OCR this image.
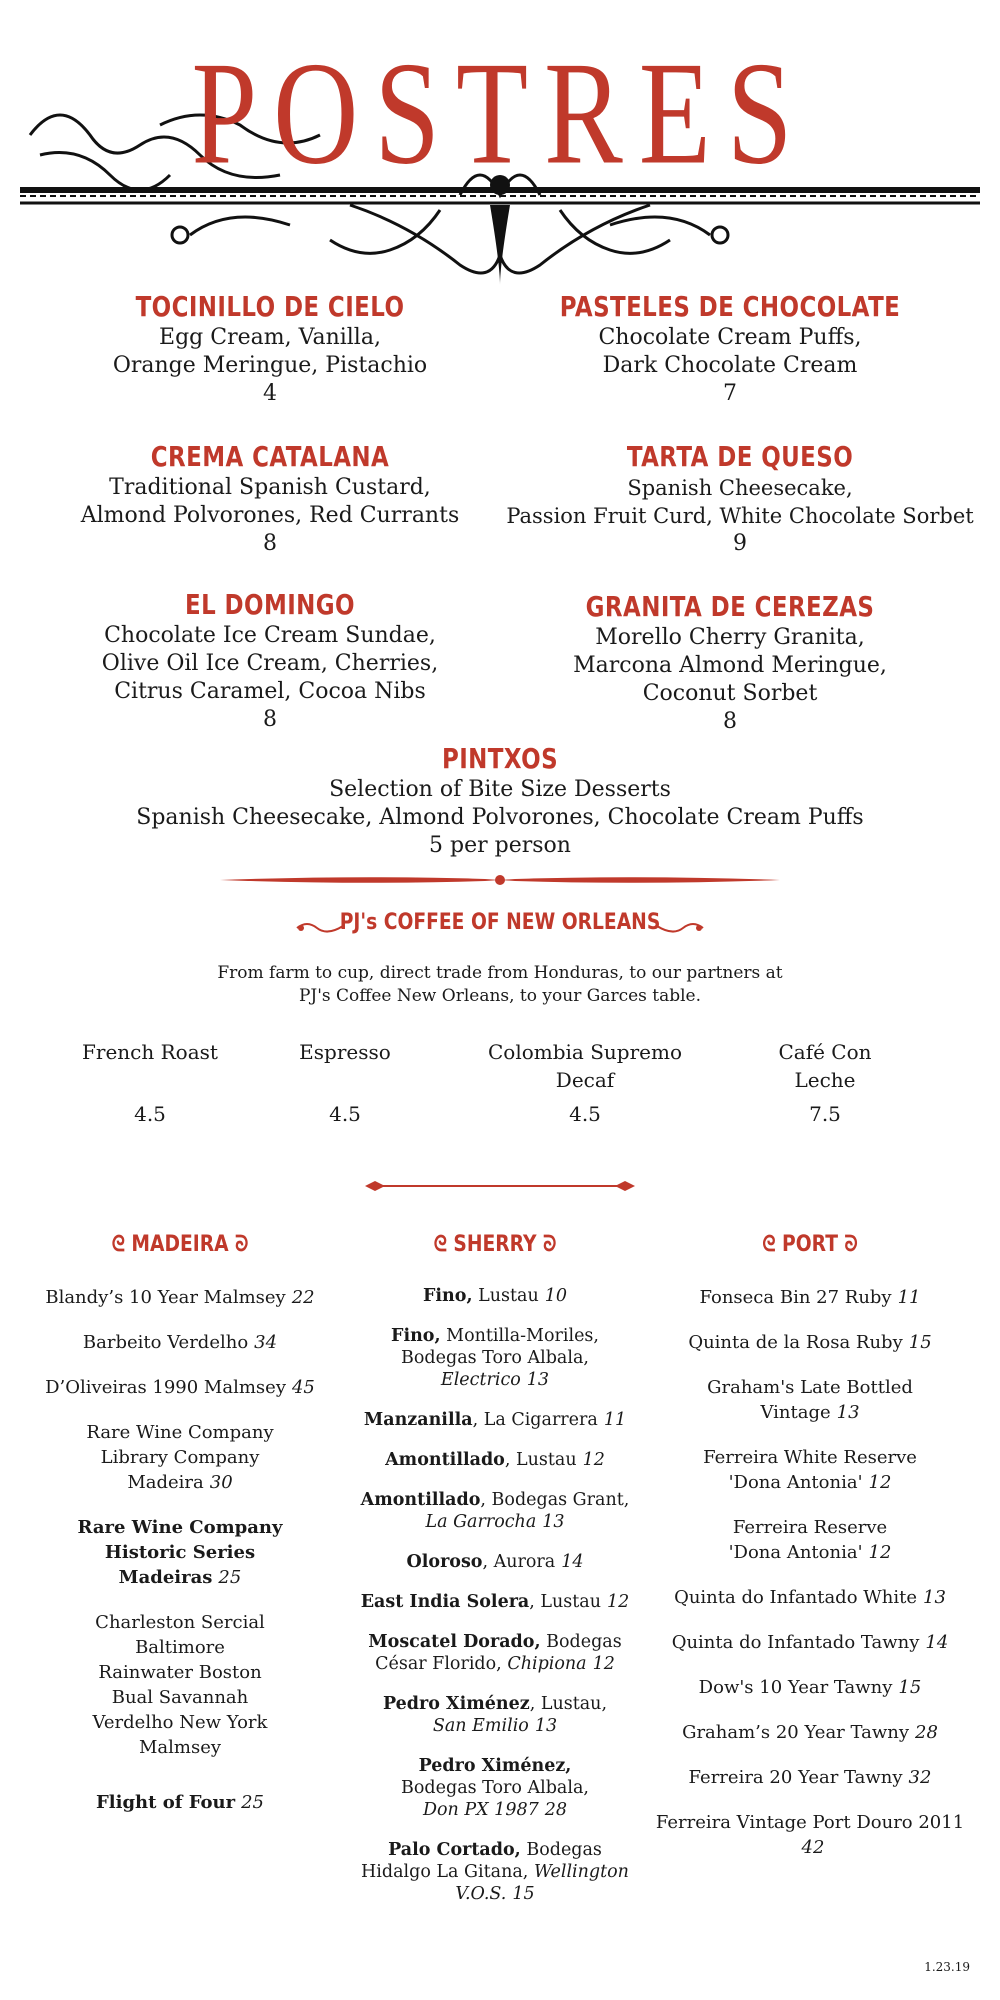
POSTRES
TOCINILLO DE CIELO
Egg Cream, Vanilla,
Orange Meringue, Pistachio
4
PASTELES DE CHOCOLATE
Chocolate Cream Puffs,
Dark Chocolate Cream
7
CREMA CATALANA
Traditional Spanish Custard,
Almond Polvorones, Red Currants
8
TARTA DE QUESO
Spanish Cheesecake,
Passion Fruit Curd, White Chocolate Sorbet
9
EL DOMINGO
Chocolate Ice Cream Sundae,
Olive Oil Ice Cream, Cherries,
Citrus Caramel, Cocoa Nibs
8
GRANITA DE CEREZAS
Morello Cherry Granita,
Marcona Almond Meringue,
Coconut Sorbet
8
PINTXOS
Selection of Bite Size Desserts
Spanish Cheesecake, Almond Polvorones, Chocolate Cream Puffs
5 per person
PJ's COFFEE OF NEW ORLEANS
From farm to cup, direct trade from Honduras, to our partners at
PJ's Coffee New Orleans, to your Garces table.
French Roast
4.5
Espresso
4.5
Colombia Supremo Decaf
4.5
Café Con Leche
7.5
ᘓ MADEIRA ᘐ	ᘓ SHERRY ᘐ	ᘓ PORT ᘐ
Blandy’s 10 Year Malmsey 22
Barbeito Verdelho 34
D’Oliveiras 1990 Malmsey 45
Rare Wine Company Library Company Madeira 30
Rare Wine Company Historic Series Madeiras 25
Charleston Sercial Baltimore Rainwater Boston Bual Savannah Verdelho New York Malmsey
Flight of Four 25
Fino, Lustau 10
Fino, Montilla-Moriles, Bodegas Toro Albala, Electrico 13
Manzanilla, La Cigarrera 11
Amontillado, Lustau 12
Amontillado, Bodegas Grant, La Garrocha 13
Oloroso, Aurora 14
East India Solera, Lustau 12
Moscatel Dorado, Bodegas César Florido, Chipiona 12
Pedro Ximénez, Lustau, San Emilio 13
Pedro Ximénez, Bodegas Toro Albala, Don PX 1987 28
Palo Cortado, Bodegas Hidalgo La Gitana, Wellington V.O.S. 15
Fonseca Bin 27 Ruby 11
Quinta de la Rosa Ruby 15
Graham's Late Bottled Vintage 13
Ferreira White Reserve 'Dona Antonia' 12
Ferreira Reserve 'Dona Antonia' 12
Quinta do Infantado White 13
Quinta do Infantado Tawny 14
Dow's 10 Year Tawny 15
Graham’s 20 Year Tawny 28
Ferreira 20 Year Tawny 32
Ferreira Vintage Port Douro 2011
42
1.23.19
